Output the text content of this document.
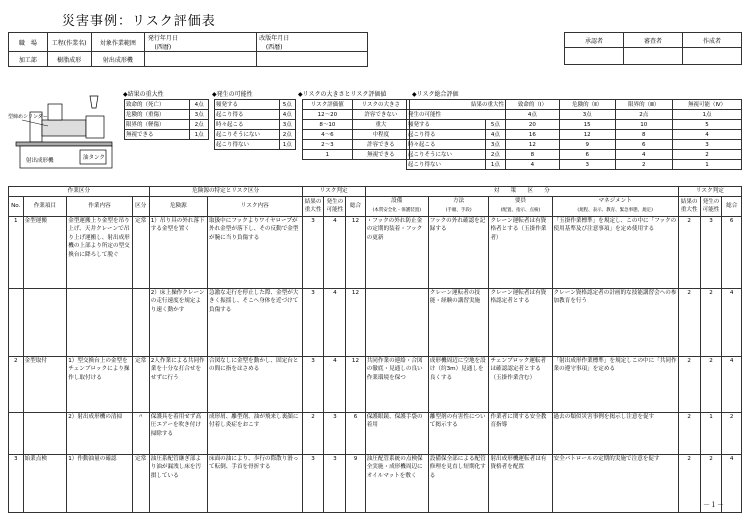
災害事例：リスク評価表
職　場	工程(作業名)	対象作業範囲	発行年月日
(西暦)		改版年月日
(西暦)	
加工部	樹脂成形	射出成形機				
承認者	審査者	作成者

型締めシリンダー
射出成形機	油タンク
◆結果の重大性
致命的（死亡）	4点
危険的（重傷）	3点
限界的（軽傷）	2点
無視できる	1点
◆発生の可能性
頻発する	5点
起こり得る	4点
時々起こる	3点
起こりそうにない	2点
起こり得ない	1点
◆リスクの大きさとリスク評価値
リスク評価値	リスクの大きさ
12～20	許容できない
8～10	重大
4～6	中程度
2～3	許容できる
1	無視できる
◆リスク総合評価
結果の重大性		致命的（Ⅰ）	危険的（Ⅱ）	限界的（Ⅲ）	無視可能（Ⅳ）
発生の可能性		4点	3点	2点	1点
頻発する	5点	20	15	10	5
起こり得る	4点	16	12	8	4
時々起こる	3点	12	9	6	3
起こりそうにない	2点	8	6	4	2
起こり得ない	1点	4	3	2	1
作業区分				危険源の特定とリスク区分		リスク判定			対　　策　　区　　分				リスク判定		
No.	作業項目	作業内容	区分	危険源	リスク内容	結果の重大性	発生の可能性	総合	設備
(本質安全化・保護装置)	方法
(手順、手段)	要員
(配置、指示、点検)	マネジメント
(規程、表示、教育、緊急事態、規定)	結果の重大性	発生の可能性	総合
1	金型運搬	金型運搬上り金型を吊り上げ、天井クレーンで吊り上げ運搬し、射出成形機の上部より所定の型交換台に降ろして脱ぐ	定常	1）吊り具の外れ落下する金型を置く	取扱中にフックよりワイヤロープが外れ金型が落下し、その反動で金型が腕に当り負傷する	3	4	12	・フックの外れ防止金の定期的装着・フックの更新	フックの外れ確認を記録する	クレーン運転者は有資格者とする（玉掛作業者）	「玉掛作業標準」を規定し、この中に「フックの使用基準及び注意事項」を定め使用する	2	3	6
				2）床上操作クレーンの走行速度を規定より速く動かす	急激な走行を停止した際、金型が大きく振揺し、そこへ身体を近づけて負傷する	3	4	12		クレーン運転者の技能・経験の講習実施	クレーン運転者は有資格認定者とする	クレーン資格認定者の計画的な技能講習会への参加教育を行う	2	2	4
2	金型取付	1）型交換台上の金型をチェンブロックにより操作し取付ける	定常	2人作業による共同作業を十分な打合せをせずに行う	合図なしに金型を動かし、固定台との間に指をはさめる	3	4	12	共同作業の連絡・合図の徹底・見通しの良い作業環境を保つ	成形機周辺に空地を設け（約3m）見通しを良くする	チェンブロック運転者は確認認定者とする（玉掛作業含む）	「射出成形作業標準」を規定しこの中に「共同作業の遵守事項」を定める	2	2	4
		2）射出成形機の清掃	〃	保護具を着用せず高圧エアーを吹き付け掃除する	成形屑、離型剤、油が飛来し裏顔に付着し炎症をおこす	2	3	6	保護眼鏡、保護手袋の着用	離型剤の有害性について掲示する	作業者に関する安全教育指導	過去の類似災害事例を掲示し注意を促す	2	1	2
3	始業点検	1）作動油量の確認	定常	油圧系配管継ぎ部より油が漏洩し床を汚損している	床面の油により、歩行の際散り滑って転倒、手首を骨折する	3	3	9	油圧配管系統の点検保全実施・成形機周辺にオイルマットを敷く	設備保全部による配管修理を見直し短期化する	射出成形機運転者は有資格者を配置	安全パトロールの定期的実施で注意を促す	2	2	4
－１－
